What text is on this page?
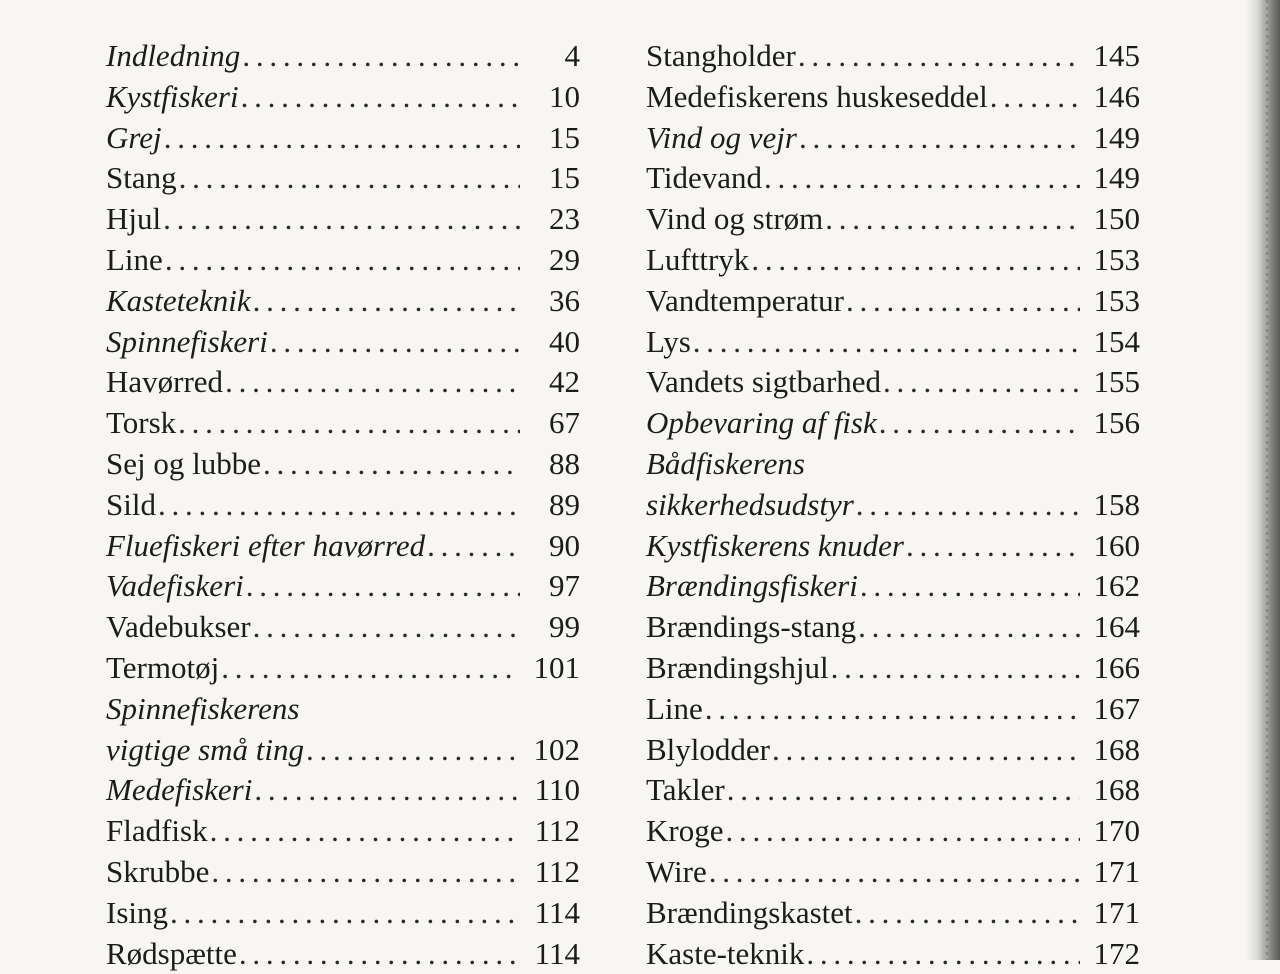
Indledning . . .	4
Kystfiskeri . . .	10
Grej . . .	15
Stang . . .	15
Hjul . . .	23
Line . . .	29
Kasteteknik . . .	36
Spinnefiskeri . . .	40
Havørred . . .	42
Torsk . . .	67
Sej og lubbe . . .	88
Sild . . .	89
Fluefiskeri efter havørred . . .	90
Vadefiskeri . . .	97
Vadebukser . . .	99
Termotøj . . .	101
Spinnefiskerens
vigtige små ting . . .	102
Medefiskeri . . .	110
Fladfisk . . .	112
Skrubbe . . .	112
Ising . . .	114
Rødspætte . . .	114
Stangholder . . .	145
Medefiskerens huskeseddel . . .	146
Vind og vejr . . .	149
Tidevand . . .	149
Vind og strøm . . .	150
Lufttryk . . .	153
Vandtemperatur . . .	153
Lys . . .	154
Vandets sigtbarhed . . .	155
Opbevaring af fisk . . .	156
Bådfiskerens
sikkerhedsudstyr . . .	158
Kystfiskerens knuder . . .	160
Brændingsfiskeri . . .	162
Brændings-stang . . .	164
Brændingshjul . . .	166
Line . . .	167
Blylodder . . .	168
Takler . . .	168
Kroge . . .	170
Wire . . .	171
Brændingskastet . . .	171
Kaste-teknik . . .	172
